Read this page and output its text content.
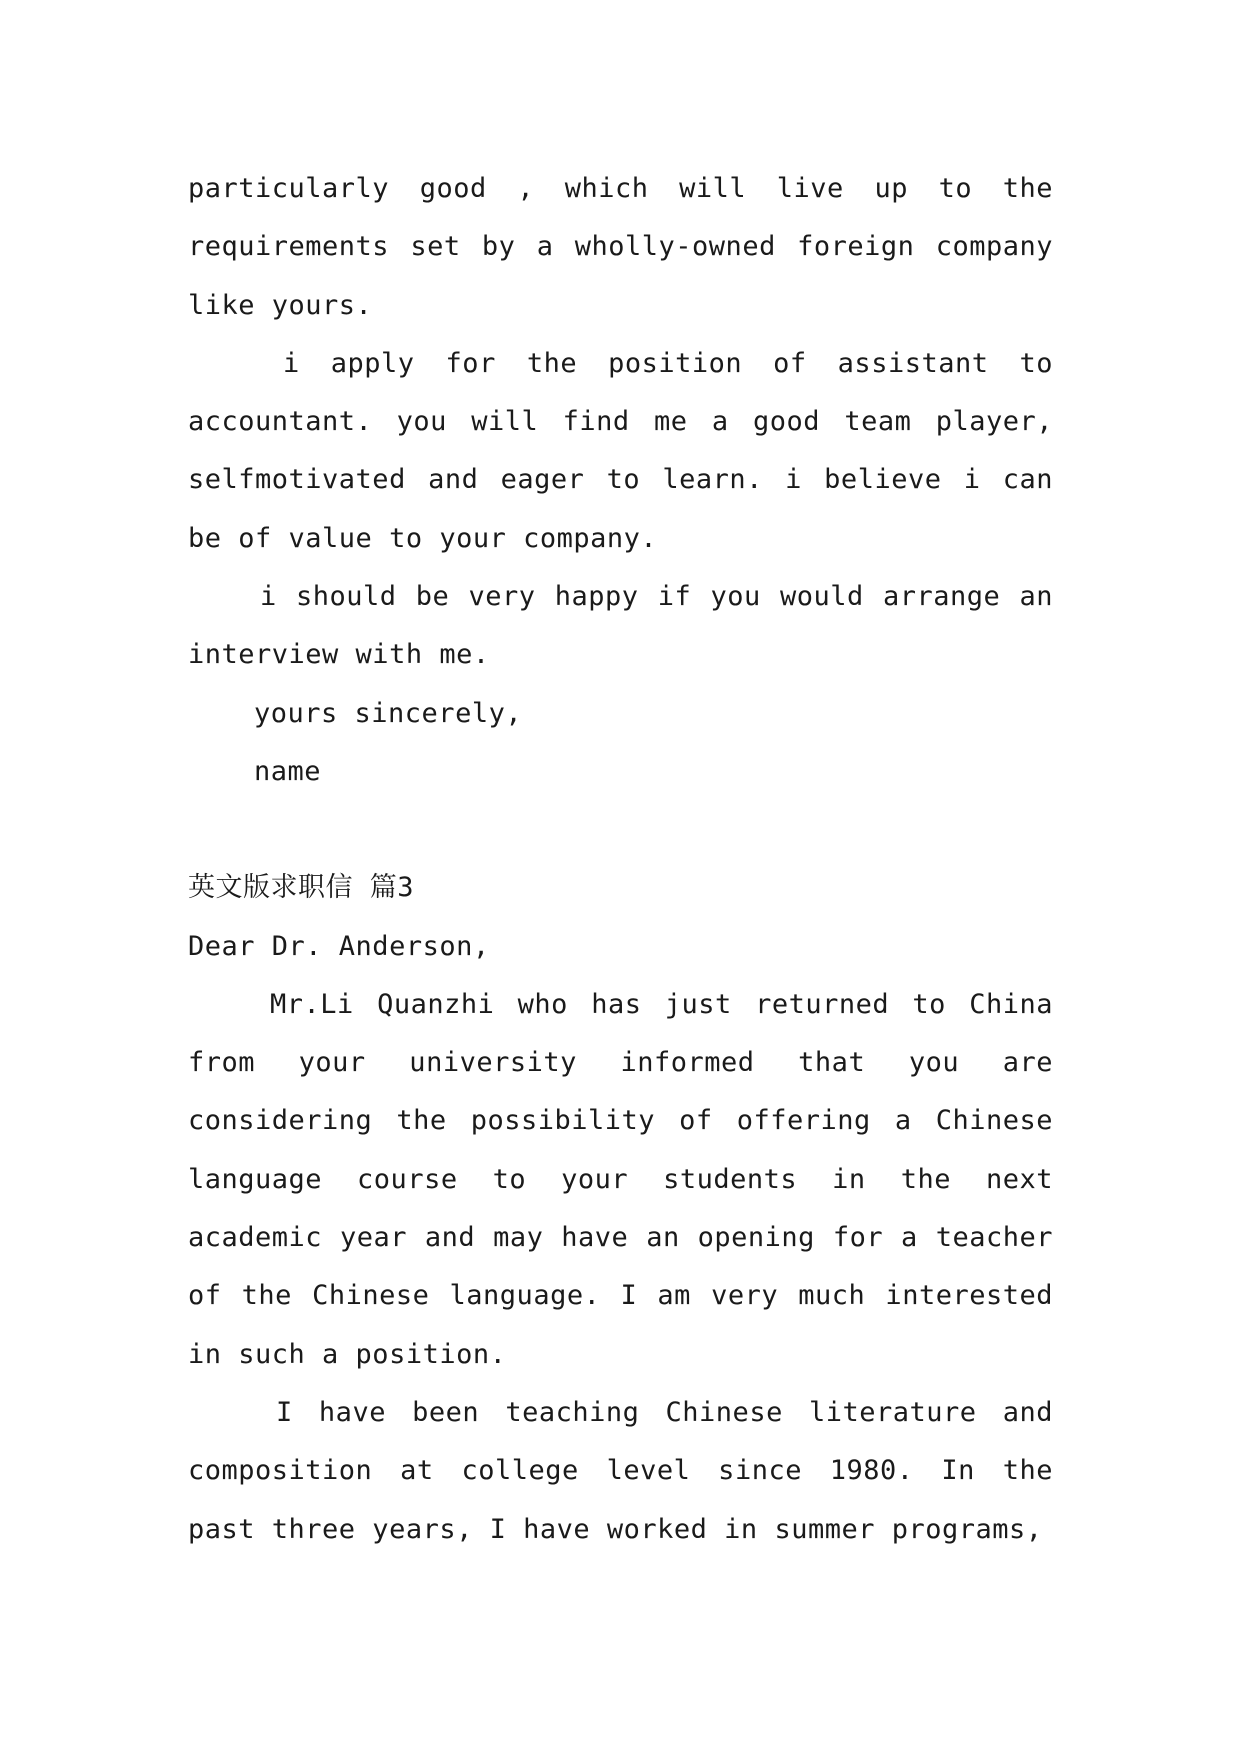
particularly good , which will live up to the requirements set by a wholly-owned foreign company like yours.

i apply for the position of assistant to accountant. you will find me a good team player, selfmotivated and eager to learn. i believe i can be of value to your company.

i should be very happy if you would arrange an interview with me.

yours sincerely,

name

英文版求职信 篇3

Dear Dr. Anderson,

Mr.Li Quanzhi who has just returned to China from your university informed that you are considering the possibility of offering a Chinese language course to your students in the next academic year and may have an opening for a teacher of the Chinese language. I am very much interested in such a position.

I have been teaching Chinese literature and composition at college level since 1980. In the past three years, I have worked in summer programs,
